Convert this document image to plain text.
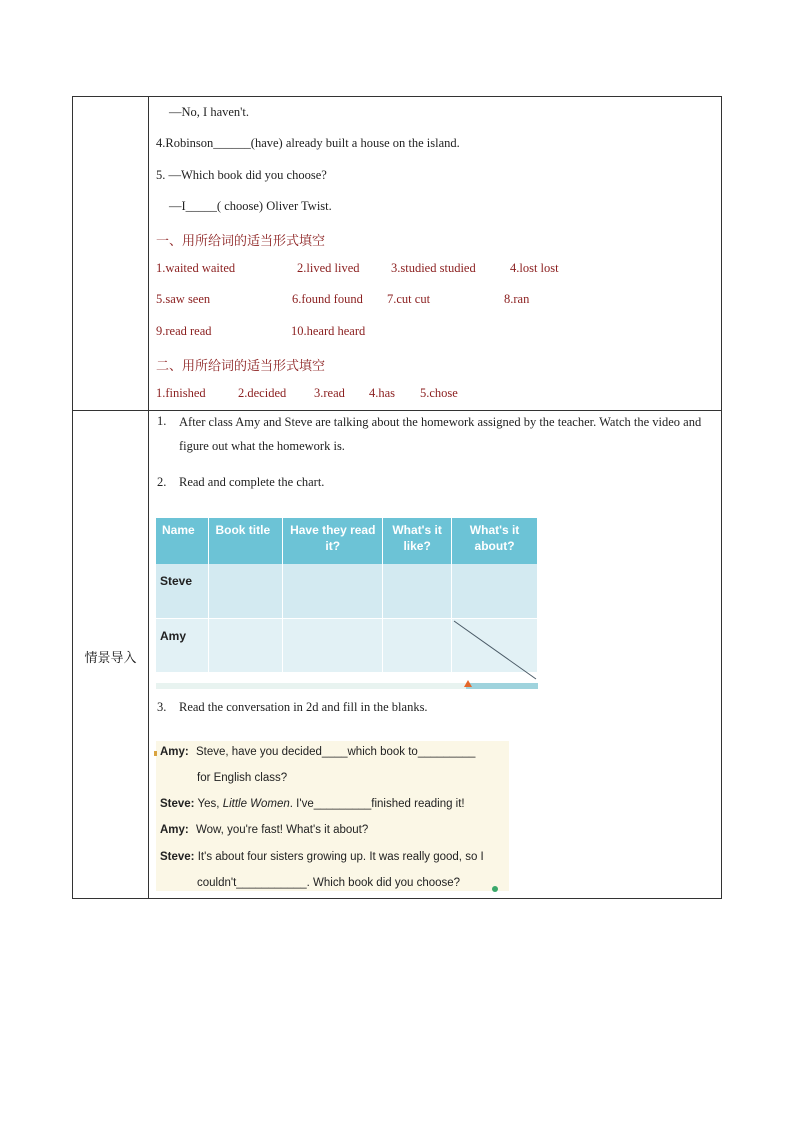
—No, I haven't.
4.Robinson______(have) already built a house on the island.
5. —Which book did you choose?
—I_____( choose) Oliver Twist.
一、用所给词的适当形式填空
1.waited waited	2.lived lived	3.studied studied	4.lost lost
5.saw seen	6.found found 7.cut cut	8.ran
9.read read	10.heard heard
二、用所给词的适当形式填空
1.finished	2.decided 3.read 4.has 5.chose
情景导入
1. After class Amy and Steve are talking about the homework assigned by the teacher. Watch the video and figure out what the homework is.
2. Read and complete the chart.
Name	Book title	Have they read it?	What's it like?	What's it about?
Steve				
Amy				
3. Read the conversation in 2d and fill in the blanks.
Amy: Steve, have you decided____which book to_________
for English class?
Steve: Yes, Little Women. I've_________finished reading it!
Amy: Wow, you're fast! What's it about?
Steve: It's about four sisters growing up. It was really good, so I
couldn't___________. Which book did you choose?
